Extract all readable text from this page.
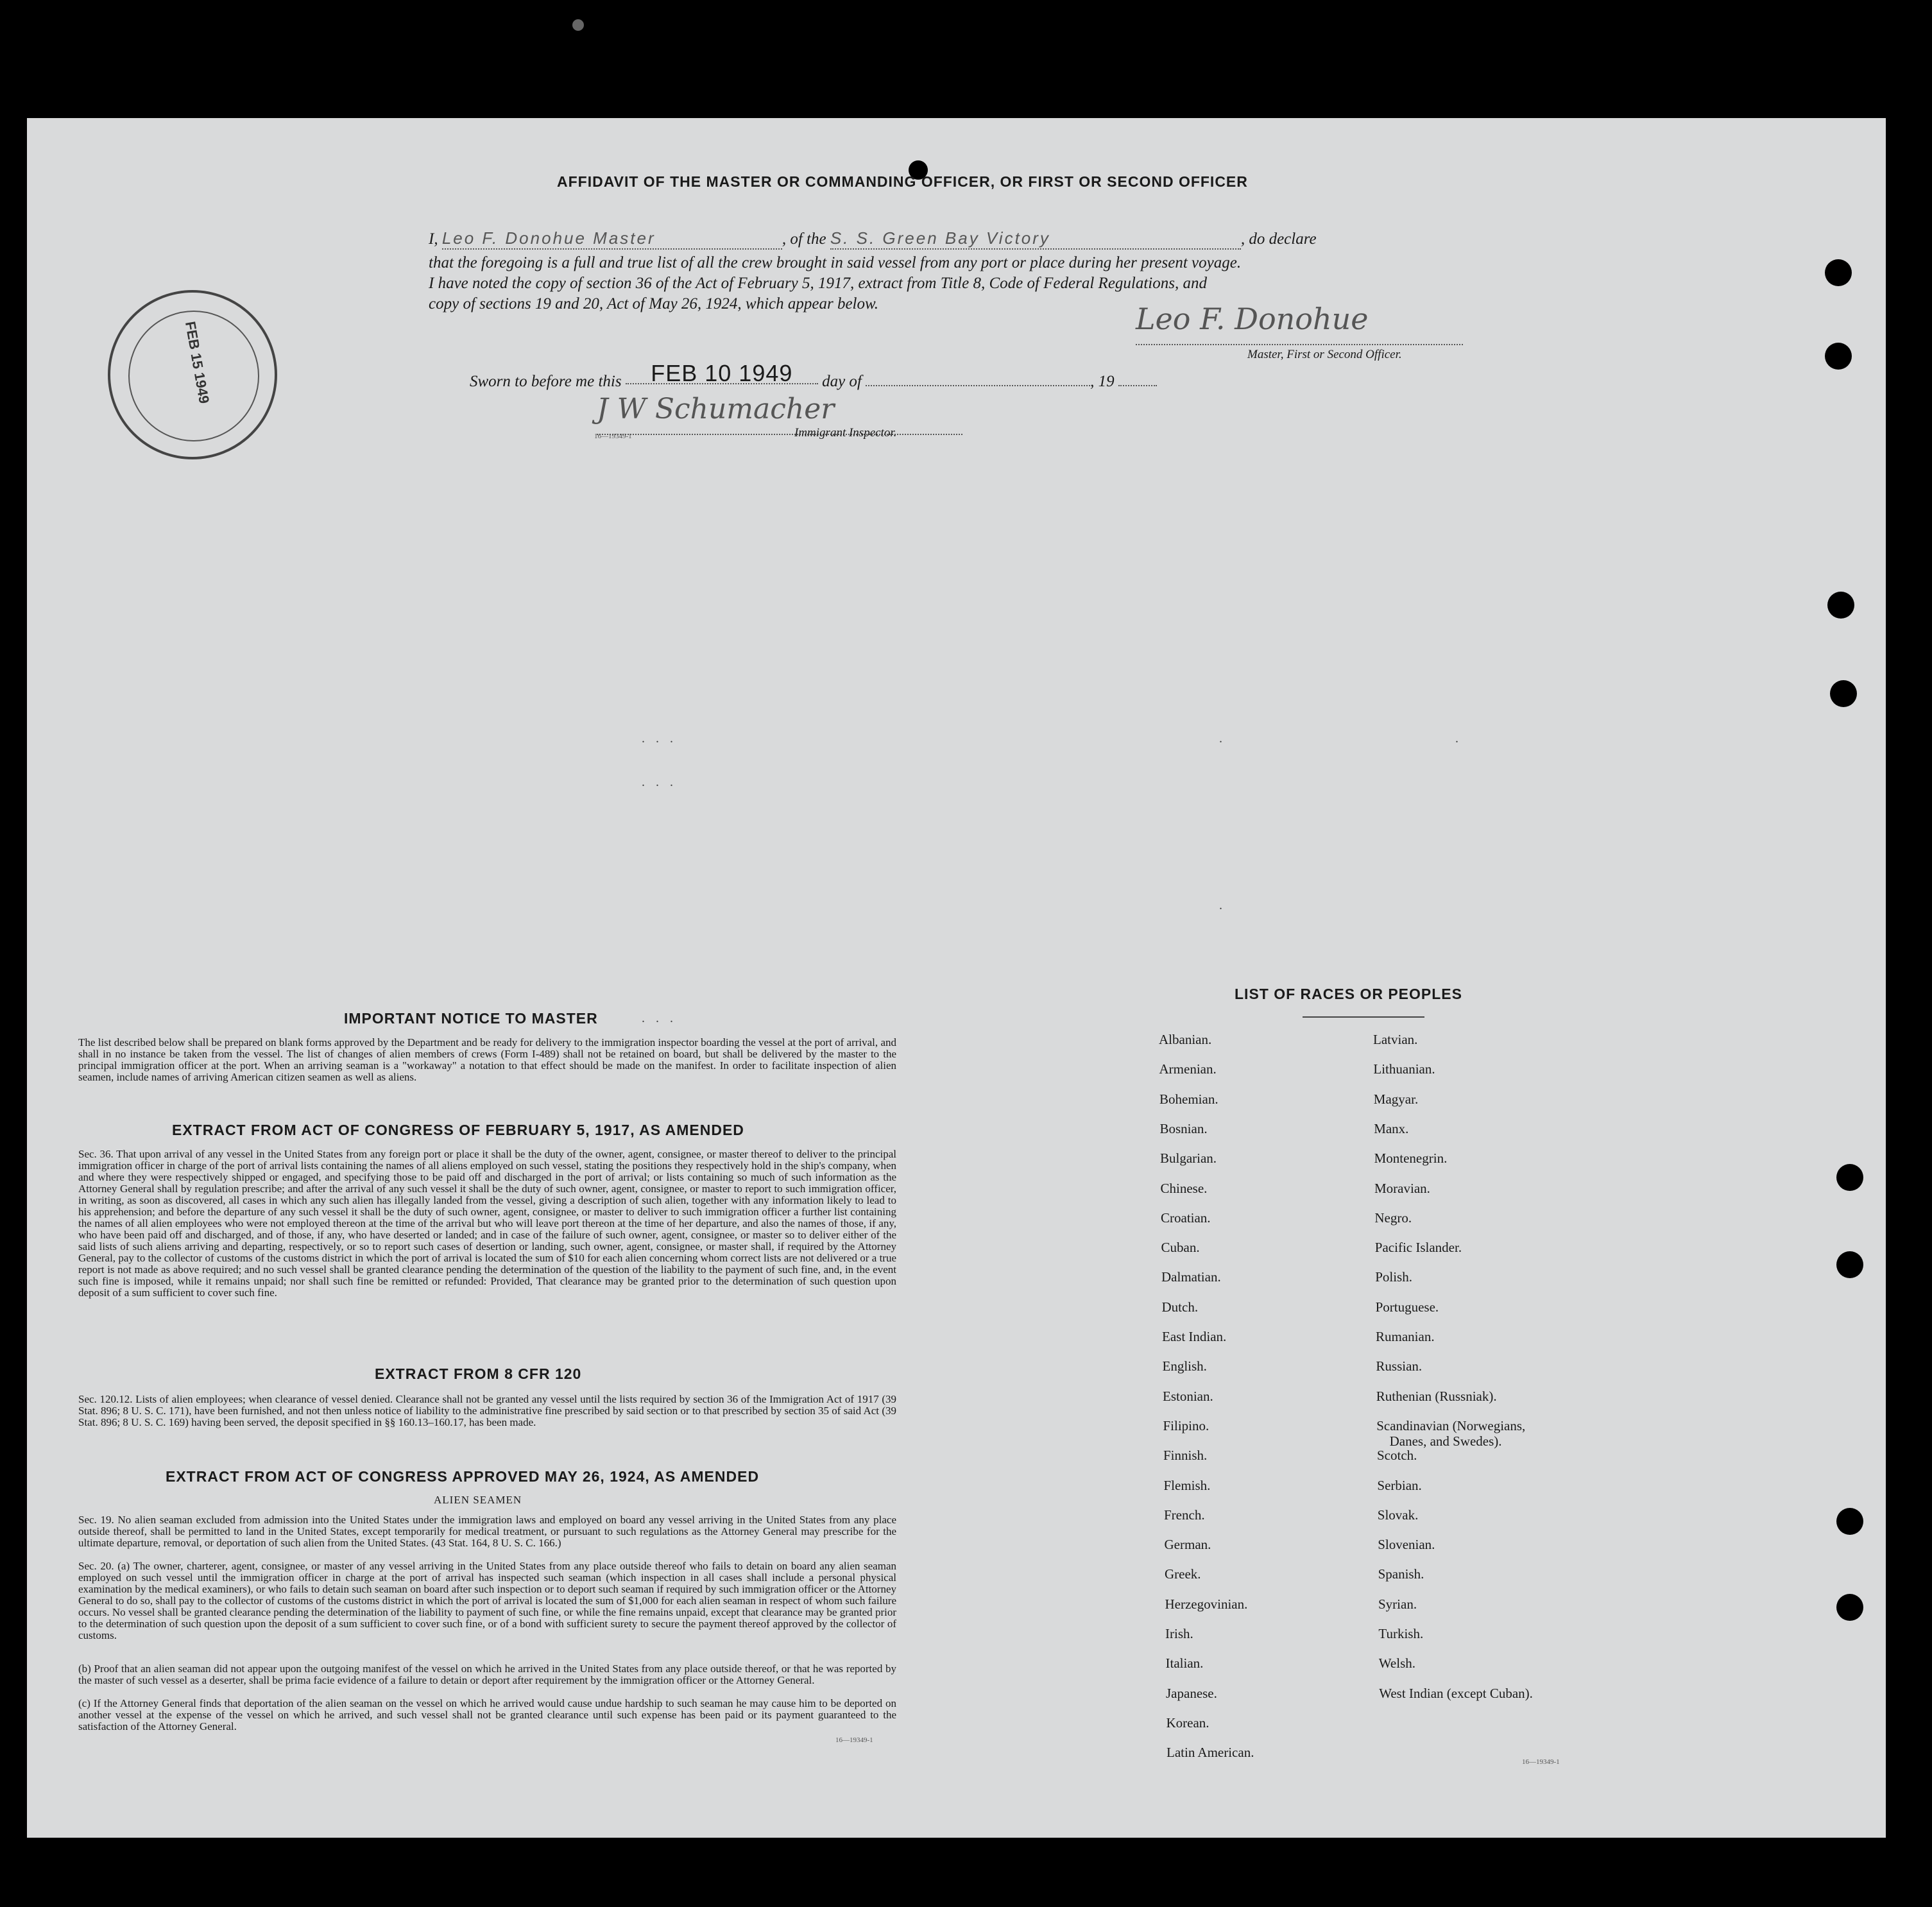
AFFIDAVIT OF THE MASTER OR COMMANDING OFFICER, OR FIRST OR SECOND OFFICER
I, Leo F. Donohue Master	, of the S. S. Green Bay Victory	, do declare
that the foregoing is a full and true list of all the crew brought in said vessel from any port or place during her present voyage.
I have noted the copy of section 36 of the Act of February 5, 1917, extract from Title 8, Code of Federal Regulations, and
copy of sections 19 and 20, Act of May 26, 1924, which appear below.	Leo F. Donohue
Master, First or Second Officer.
Sworn to before me this FEB 10 1949 day of	, 19
J W Schumacher
16—19349-1	Immigrant Inspector.
FEB 15 1949
. . .
. . .
. . .
.	.
.
IMPORTANT NOTICE TO MASTER
The list described below shall be prepared on blank forms approved by the Department and be ready for delivery to the immigration inspector boarding the vessel at the port of arrival, and shall in no instance be taken from the vessel. The list of changes of alien members of crews (Form I-489) shall not be retained on board, but shall be delivered by the master to the principal immigration officer at the port. When an arriving seaman is a "workaway" a notation to that effect should be made on the manifest. In order to facilitate inspection of alien seamen, include names of arriving American citizen seamen as well as aliens.
EXTRACT FROM ACT OF CONGRESS OF FEBRUARY 5, 1917, AS AMENDED
Sec. 36. That upon arrival of any vessel in the United States from any foreign port or place it shall be the duty of the owner, agent, consignee, or master thereof to deliver to the principal immigration officer in charge of the port of arrival lists containing the names of all aliens employed on such vessel, stating the positions they respectively hold in the ship's company, when and where they were respectively shipped or engaged, and specifying those to be paid off and discharged in the port of arrival; or lists containing so much of such information as the Attorney General shall by regulation prescribe; and after the arrival of any such vessel it shall be the duty of such owner, agent, consignee, or master to report to such immigration officer, in writing, as soon as discovered, all cases in which any such alien has illegally landed from the vessel, giving a description of such alien, together with any information likely to lead to his apprehension; and before the departure of any such vessel it shall be the duty of such owner, agent, consignee, or master to deliver to such immigration officer a further list containing the names of all alien employees who were not employed thereon at the time of the arrival but who will leave port thereon at the time of her departure, and also the names of those, if any, who have been paid off and discharged, and of those, if any, who have deserted or landed; and in case of the failure of such owner, agent, consignee, or master so to deliver either of the said lists of such aliens arriving and departing, respectively, or so to report such cases of desertion or landing, such owner, agent, consignee, or master shall, if required by the Attorney General, pay to the collector of customs of the customs district in which the port of arrival is located the sum of $10 for each alien concerning whom correct lists are not delivered or a true report is not made as above required; and no such vessel shall be granted clearance pending the determination of the question of the liability to the payment of such fine, and, in the event such fine is imposed, while it remains unpaid; nor shall such fine be remitted or refunded: Provided, That clearance may be granted prior to the determination of such question upon deposit of a sum sufficient to cover such fine.
EXTRACT FROM 8 CFR 120
Sec. 120.12. Lists of alien employees; when clearance of vessel denied. Clearance shall not be granted any vessel until the lists required by section 36 of the Immigration Act of 1917 (39 Stat. 896; 8 U. S. C. 171), have been furnished, and not then unless notice of liability to the administrative fine prescribed by said section or to that prescribed by section 35 of said Act (39 Stat. 896; 8 U. S. C. 169) having been served, the deposit specified in §§ 160.13–160.17, has been made.
EXTRACT FROM ACT OF CONGRESS APPROVED MAY 26, 1924, AS AMENDED
ALIEN SEAMEN
Sec. 19. No alien seaman excluded from admission into the United States under the immigration laws and employed on board any vessel arriving in the United States from any place outside thereof, shall be permitted to land in the United States, except temporarily for medical treatment, or pursuant to such regulations as the Attorney General may prescribe for the ultimate departure, removal, or deportation of such alien from the United States. (43 Stat. 164, 8 U. S. C. 166.)
Sec. 20. (a) The owner, charterer, agent, consignee, or master of any vessel arriving in the United States from any place outside thereof who fails to detain on board any alien seaman employed on such vessel until the immigration officer in charge at the port of arrival has inspected such seaman (which inspection in all cases shall include a personal physical examination by the medical examiners), or who fails to detain such seaman on board after such inspection or to deport such seaman if required by such immigration officer or the Attorney General to do so, shall pay to the collector of customs of the customs district in which the port of arrival is located the sum of $1,000 for each alien seaman in respect of whom such failure occurs. No vessel shall be granted clearance pending the determination of the liability to payment of such fine, or while the fine remains unpaid, except that clearance may be granted prior to the determination of such question upon the deposit of a sum sufficient to cover such fine, or of a bond with sufficient surety to secure the payment thereof approved by the collector of customs.
(b) Proof that an alien seaman did not appear upon the outgoing manifest of the vessel on which he arrived in the United States from any place outside thereof, or that he was reported by the master of such vessel as a deserter, shall be prima facie evidence of a failure to detain or deport after requirement by the immigration officer or the Attorney General.
(c) If the Attorney General finds that deportation of the alien seaman on the vessel on which he arrived would cause undue hardship to such seaman he may cause him to be deported on another vessel at the expense of the vessel on which he arrived, and such vessel shall not be granted clearance until such expense has been paid or its payment guaranteed to the satisfaction of the Attorney General.
16—19349-1
LIST OF RACES OR PEOPLES
Albanian.
Armenian.
Bohemian.
Bosnian.
Bulgarian.
Chinese.
Croatian.
Cuban.
Dalmatian.
Dutch.
East Indian.
English.
Estonian.
Filipino.
Finnish.
Flemish.
French.
German.
Greek.
Herzegovinian.
Irish.
Italian.
Japanese.
Korean.
Latin American.
Latvian.
Lithuanian.
Magyar.
Manx.
Montenegrin.
Moravian.
Negro.
Pacific Islander.
Polish.
Portuguese.
Rumanian.
Russian.
Ruthenian (Russniak).
Scandinavian (Norwegians,
Danes, and Swedes).
Scotch.
Serbian.
Slovak.
Slovenian.
Spanish.
Syrian.
Turkish.
Welsh.
West Indian (except Cuban).
16—19349-1
